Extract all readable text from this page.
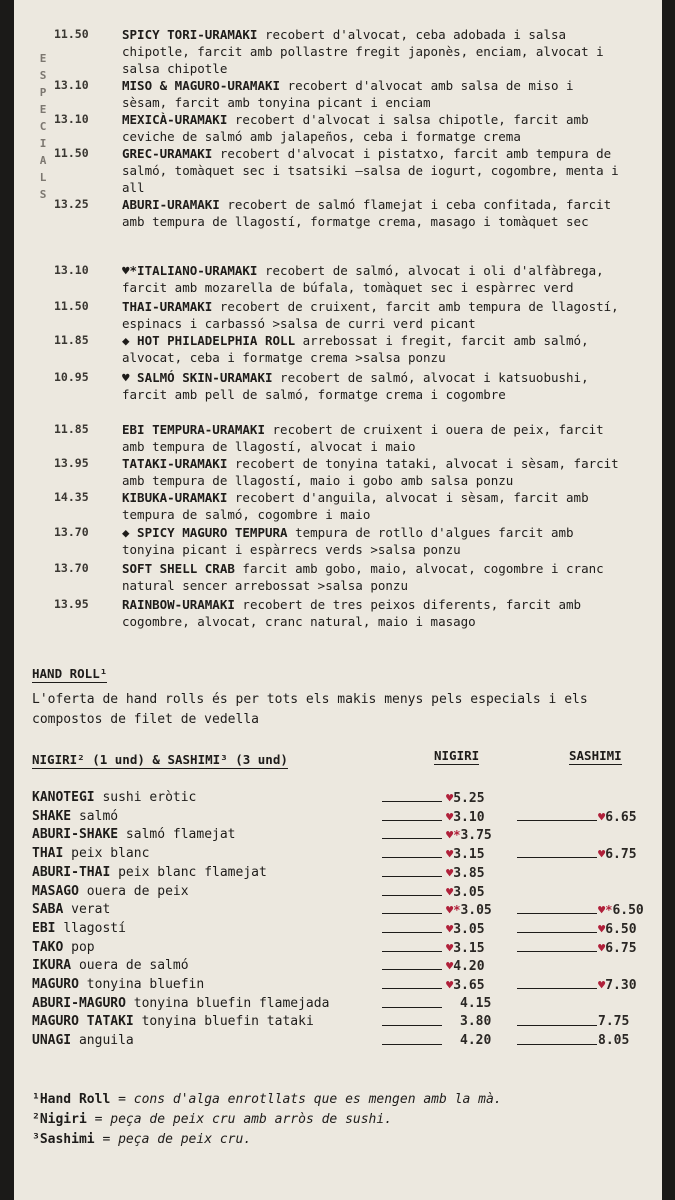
E
S
P
E
C
I
A
L
S
11.50	SPICY TORI-URAMAKI recobert d'alvocat, ceba adobada i salsa chipotle, farcit amb pollastre fregit japonès, enciam, alvocat i salsa chipotle
13.10	MISO & MAGURO-URAMAKI recobert d'alvocat amb salsa de miso i sèsam, farcit amb tonyina picant i enciam
13.10	MEXICÀ-URAMAKI recobert d'alvocat i salsa chipotle, farcit amb ceviche de salmó amb jalapeños, ceba i formatge crema
11.50	GREC-URAMAKI recobert d'alvocat i pistatxo, farcit amb tempura de salmó, tomàquet sec i tsatsiki —salsa de iogurt, cogombre, menta i all
13.25	ABURI-URAMAKI recobert de salmó flamejat i ceba confitada, farcit amb tempura de llagostí, formatge crema, masago i tomàquet sec
13.10	♥*ITALIANO-URAMAKI recobert de salmó, alvocat i oli d'alfàbrega, farcit amb mozarella de búfala, tomàquet sec i espàrrec verd
11.50	THAI-URAMAKI recobert de cruixent, farcit amb tempura de llagostí, espinacs i carbassó >salsa de curri verd picant
11.85	◆ HOT PHILADELPHIA ROLL arrebossat i fregit, farcit amb salmó, alvocat, ceba i formatge crema >salsa ponzu
10.95	♥ SALMÓ SKIN-URAMAKI recobert de salmó, alvocat i katsuobushi, farcit amb pell de salmó, formatge crema i cogombre
11.85	EBI TEMPURA-URAMAKI recobert de cruixent i ouera de peix, farcit amb tempura de llagostí, alvocat i maio
13.95	TATAKI-URAMAKI recobert de tonyina tataki, alvocat i sèsam, farcit amb tempura de llagostí, maio i gobo amb salsa ponzu
14.35	KIBUKA-URAMAKI recobert d'anguila, alvocat i sèsam, farcit amb tempura de salmó, cogombre i maio
13.70	◆ SPICY MAGURO TEMPURA tempura de rotllo d'algues farcit amb tonyina picant i espàrrecs verds >salsa ponzu
13.70	SOFT SHELL CRAB farcit amb gobo, maio, alvocat, cogombre i cranc natural sencer arrebossat >salsa ponzu
13.95	RAINBOW-URAMAKI recobert de tres peixos diferents, farcit amb cogombre, alvocat, cranc natural, maio i masago
HAND ROLL¹
L'oferta de hand rolls és per tots els makis menys pels especials i els compostos de filet de vedella
NIGIRI² (1 und) & SASHIMI³ (3 und)	NIGIRI	SASHIMI
KANOTEGI sushi eròtic	♥5.25
SHAKE salmó	♥3.10	♥6.65
ABURI-SHAKE salmó flamejat	♥*3.75
THAI peix blanc	♥3.15	♥6.75
ABURI-THAI peix blanc flamejat	♥3.85
MASAGO ouera de peix	♥3.05
SABA verat	♥*3.05	♥*6.50
EBI llagostí	♥3.05	♥6.50
TAKO pop	♥3.15	♥6.75
IKURA ouera de salmó	♥4.20
MAGURO tonyina bluefin	♥3.65	♥7.30
ABURI-MAGURO tonyina bluefin flamejada	4.15
MAGURO TATAKI tonyina bluefin tataki	3.80	7.75
UNAGI anguila	4.20	8.05
¹Hand Roll = cons d'alga enrotllats que es mengen amb la mà.
²Nigiri = peça de peix cru amb arròs de sushi.
³Sashimi = peça de peix cru.
